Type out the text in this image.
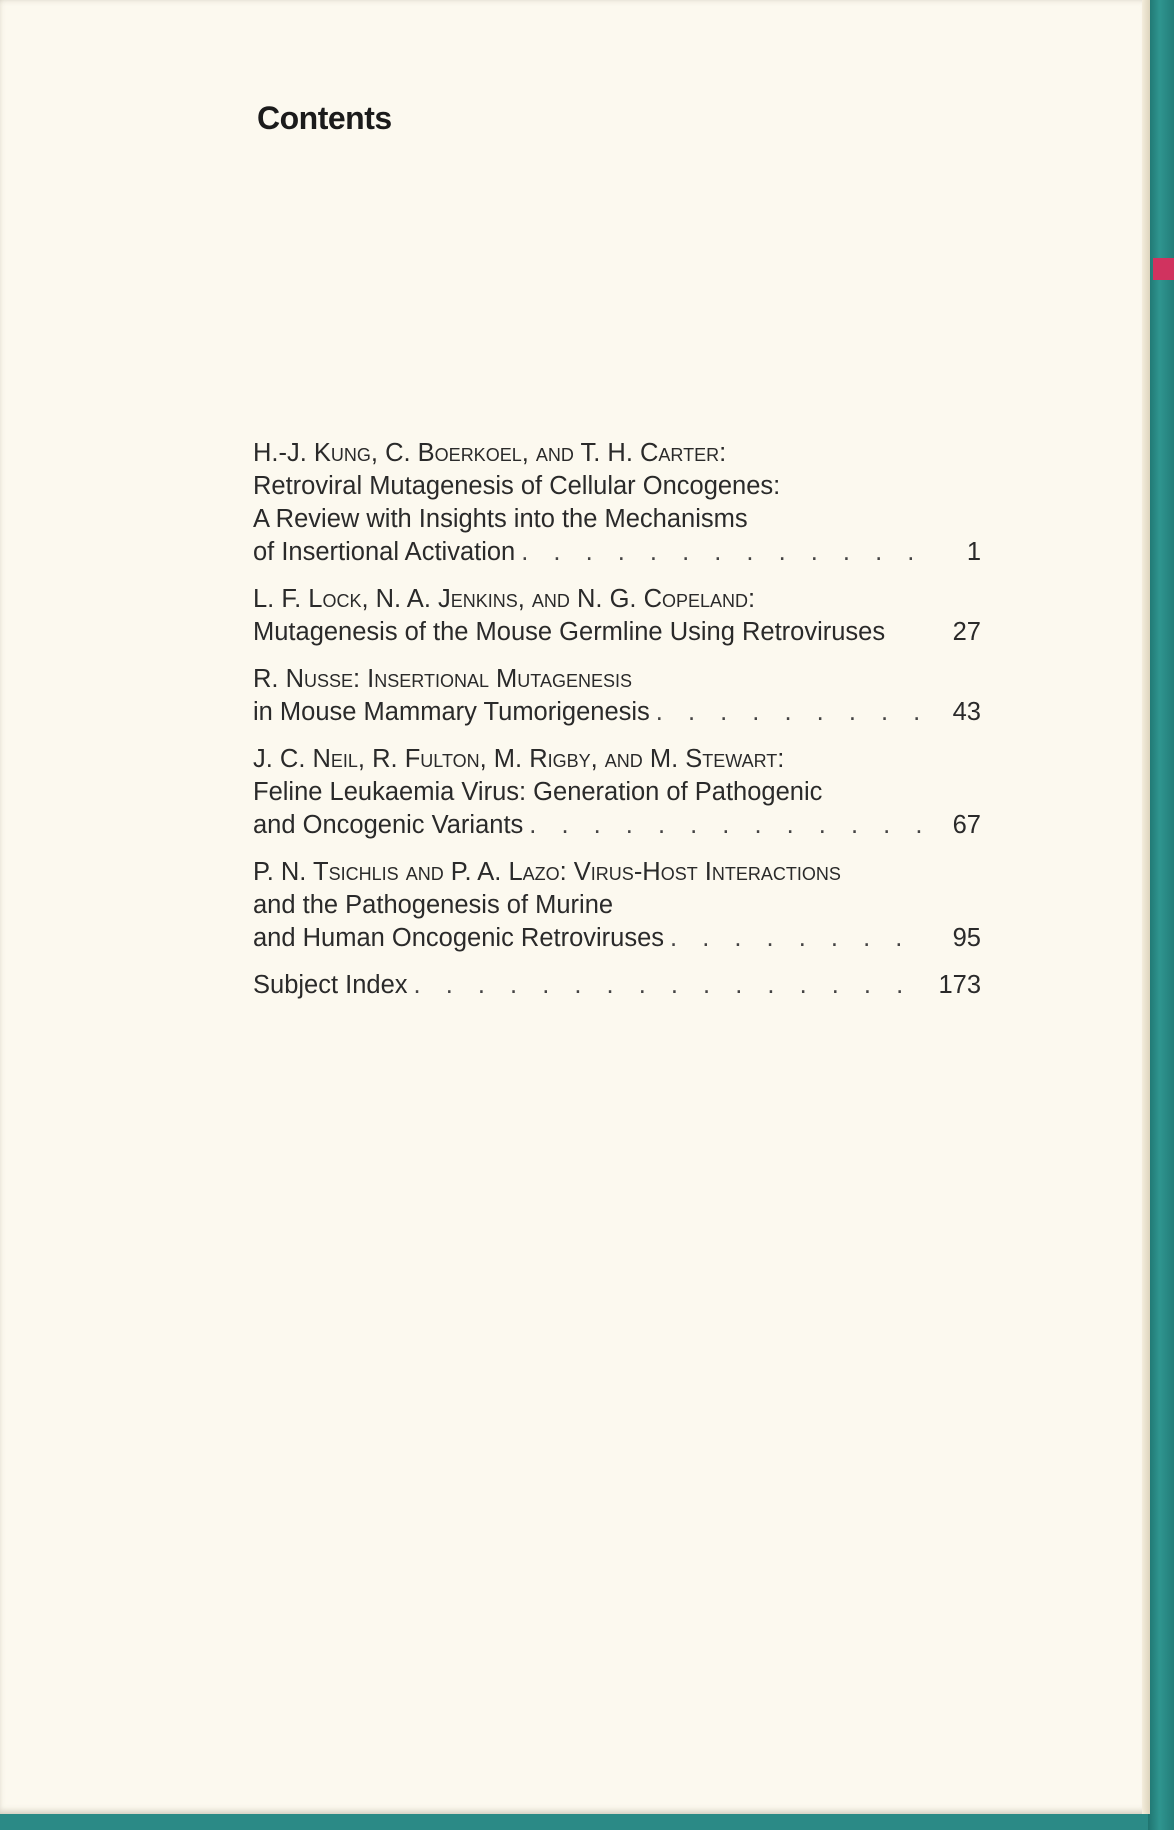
Contents
H.-J. Kung, C. Boerkoel, and T. H. Carter:
Retroviral Mutagenesis of Cellular Oncogenes:
A Review with Insights into the Mechanisms
of Insertional Activation . . .	1
L. F. Lock, N. A. Jenkins, and N. G. Copeland:
Mutagenesis of the Mouse Germline Using Retroviruses	27
R. Nusse: Insertional Mutagenesis
in Mouse Mammary Tumorigenesis . . .	43
J. C. Neil, R. Fulton, M. Rigby, and M. Stewart:
Feline Leukaemia Virus: Generation of Pathogenic
and Oncogenic Variants . . .	67
P. N. Tsichlis and P. A. Lazo: Virus-Host Interactions
and the Pathogenesis of Murine
and Human Oncogenic Retroviruses . . .	95
Subject Index . . .	173
